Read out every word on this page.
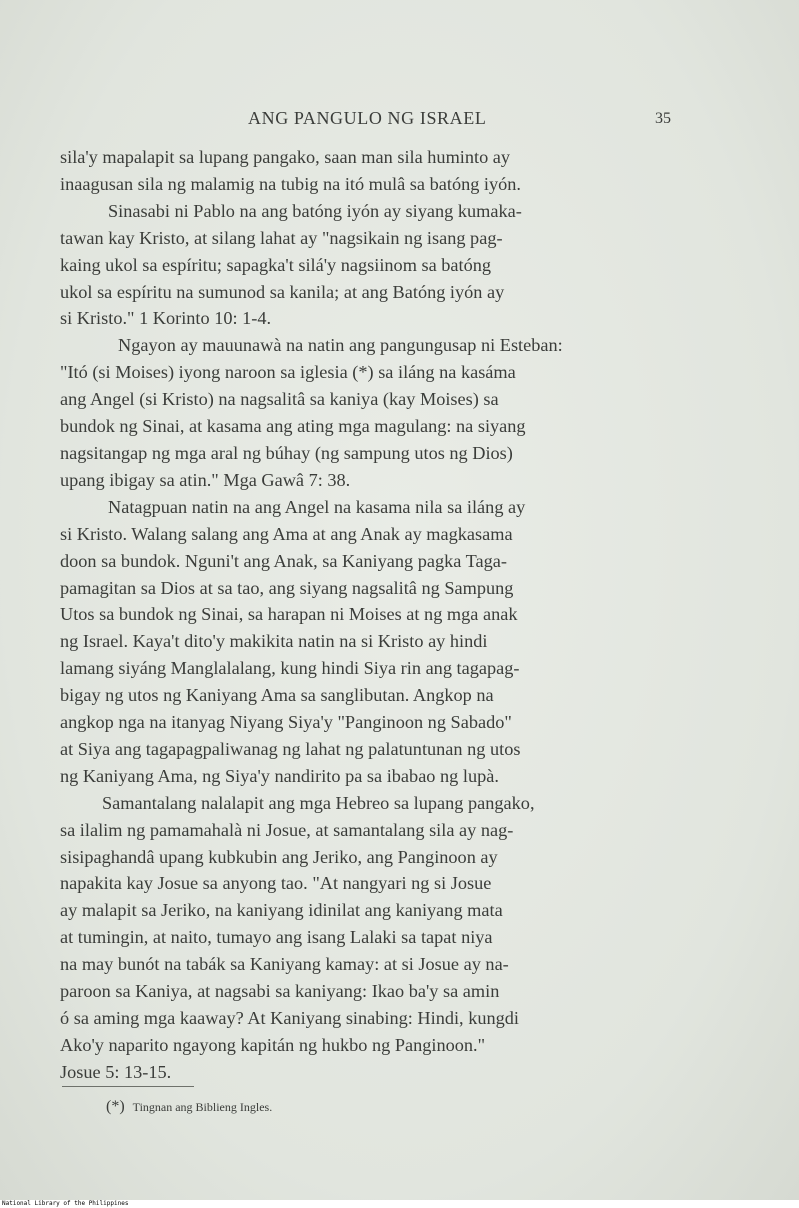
ANG PANGULO NG ISRAEL	35
sila'y mapalapit sa lupang pangako, saan man sila huminto ay
inaagusan sila ng malamig na tubig na itó mulâ sa batóng iyón.
Sinasabi ni Pablo na ang batóng iyón ay siyang kumaka-
tawan kay Kristo, at silang lahat ay "nagsikain ng isang pag-
kaing ukol sa espíritu; sapagka't silá'y nagsiinom sa batóng
ukol sa espíritu na sumunod sa kanila; at ang Batóng iyón ay
si Kristo." 1 Korinto 10: 1-4.
Ngayon ay mauunawà na natin ang pangungusap ni Esteban:
"Itó (si Moises) iyong naroon sa iglesia (*) sa iláng na kasáma
ang Angel (si Kristo) na nagsalitâ sa kaniya (kay Moises) sa
bundok ng Sinai, at kasama ang ating mga magulang: na siyang
nagsitangap ng mga aral ng búhay (ng sampung utos ng Dios)
upang ibigay sa atin." Mga Gawâ 7: 38.
Natagpuan natin na ang Angel na kasama nila sa iláng ay
si Kristo. Walang salang ang Ama at ang Anak ay magkasama
doon sa bundok. Nguni't ang Anak, sa Kaniyang pagka Taga-
pamagitan sa Dios at sa tao, ang siyang nagsalitâ ng Sampung
Utos sa bundok ng Sinai, sa harapan ni Moises at ng mga anak
ng Israel. Kaya't dito'y makikita natin na si Kristo ay hindi
lamang siyáng Manglalalang, kung hindi Siya rin ang tagapag-
bigay ng utos ng Kaniyang Ama sa sanglibutan. Angkop na
angkop nga na itanyag Niyang Siya'y "Panginoon ng Sabado"
at Siya ang tagapagpaliwanag ng lahat ng palatuntunan ng utos
ng Kaniyang Ama, ng Siya'y nandirito pa sa ibabao ng lupà.
Samantalang nalalapit ang mga Hebreo sa lupang pangako,
sa ilalim ng pamamahalà ni Josue, at samantalang sila ay nag-
sisipaghandâ upang kubkubin ang Jeriko, ang Panginoon ay
napakita kay Josue sa anyong tao. "At nangyari ng si Josue
ay malapit sa Jeriko, na kaniyang idinilat ang kaniyang mata
at tumingin, at naito, tumayo ang isang Lalaki sa tapat niya
na may bunót na tabák sa Kaniyang kamay: at si Josue ay na-
paroon sa Kaniya, at nagsabi sa kaniyang: Ikao ba'y sa amin
ó sa aming mga kaaway? At Kaniyang sinabing: Hindi, kungdi
Ako'y naparito ngayong kapitán ng hukbo ng Panginoon."
Josue 5: 13-15.
(*) Tingnan ang Biblieng Ingles.
National Library of the Philippines
